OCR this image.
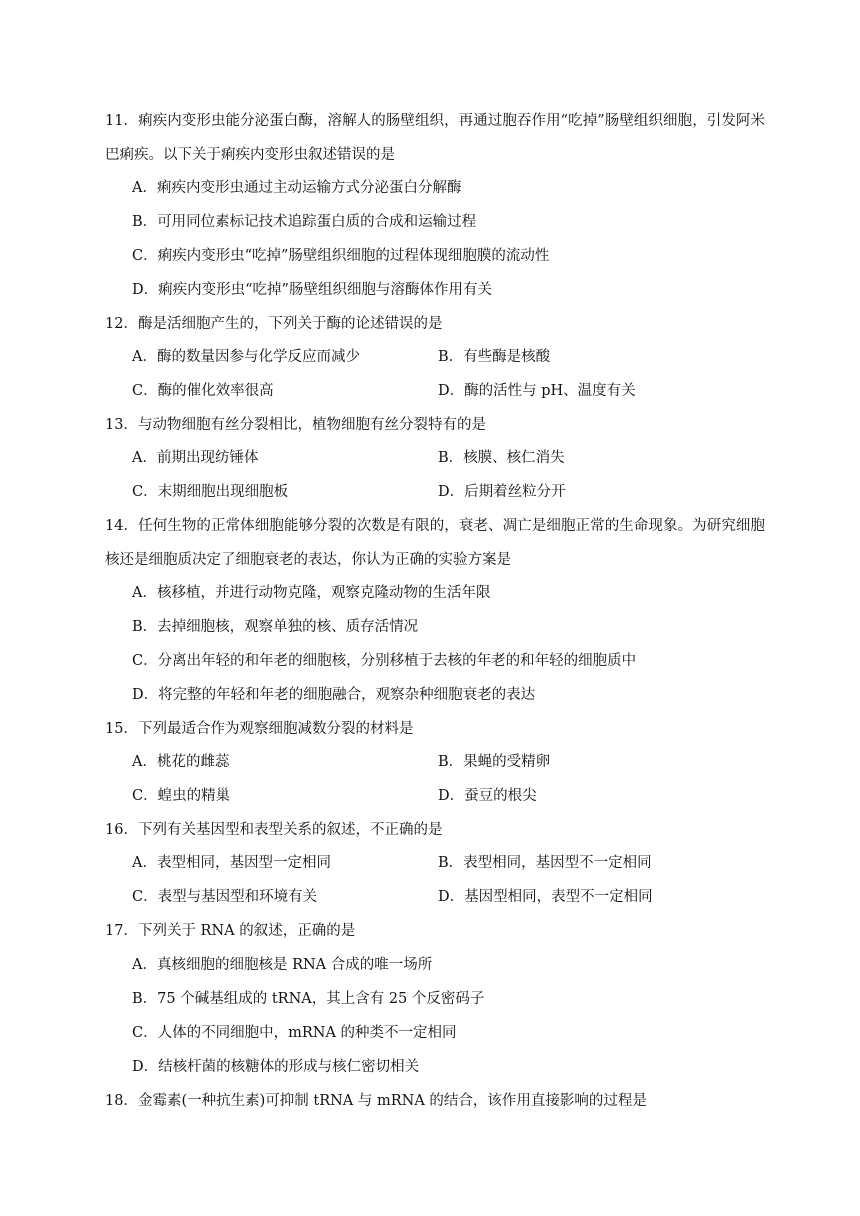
11．痢疾内变形虫能分泌蛋白酶，溶解人的肠壁组织，再通过胞吞作用“吃掉”肠壁组织细胞，引发阿米巴痢疾。以下关于痢疾内变形虫叙述错误的是
A．痢疾内变形虫通过主动运输方式分泌蛋白分解酶
B．可用同位素标记技术追踪蛋白质的合成和运输过程
C．痢疾内变形虫“吃掉”肠壁组织细胞的过程体现细胞膜的流动性
D．痢疾内变形虫“吃掉”肠壁组织细胞与溶酶体作用有关
12．酶是活细胞产生的，下列关于酶的论述错误的是
A．酶的数量因参与化学反应而减少	B．有些酶是核酸
C．酶的催化效率很高	D．酶的活性与 pH、温度有关
13．与动物细胞有丝分裂相比，植物细胞有丝分裂特有的是
A．前期出现纺锤体	B．核膜、核仁消失
C．末期细胞出现细胞板	D．后期着丝粒分开
14．任何生物的正常体细胞能够分裂的次数是有限的，衰老、凋亡是细胞正常的生命现象。为研究细胞核还是细胞质决定了细胞衰老的表达，你认为正确的实验方案是
A．核移植，并进行动物克隆，观察克隆动物的生活年限
B．去掉细胞核，观察单独的核、质存活情况
C．分离出年轻的和年老的细胞核，分别移植于去核的年老的和年轻的细胞质中
D．将完整的年轻和年老的细胞融合，观察杂种细胞衰老的表达
15．下列最适合作为观察细胞减数分裂的材料是
A．桃花的雌蕊	B．果蝇的受精卵
C．蝗虫的精巢	D．蚕豆的根尖
16．下列有关基因型和表型关系的叙述，不正确的是
A．表型相同，基因型一定相同	B．表型相同，基因型不一定相同
C．表型与基因型和环境有关	D．基因型相同，表型不一定相同
17．下列关于 RNA 的叙述，正确的是
A．真核细胞的细胞核是 RNA 合成的唯一场所
B．75 个碱基组成的 tRNA，其上含有 25 个反密码子
C．人体的不同细胞中，mRNA 的种类不一定相同
D．结核杆菌的核糖体的形成与核仁密切相关
18．金霉素(一种抗生素)可抑制 tRNA 与 mRNA 的结合，该作用直接影响的过程是
